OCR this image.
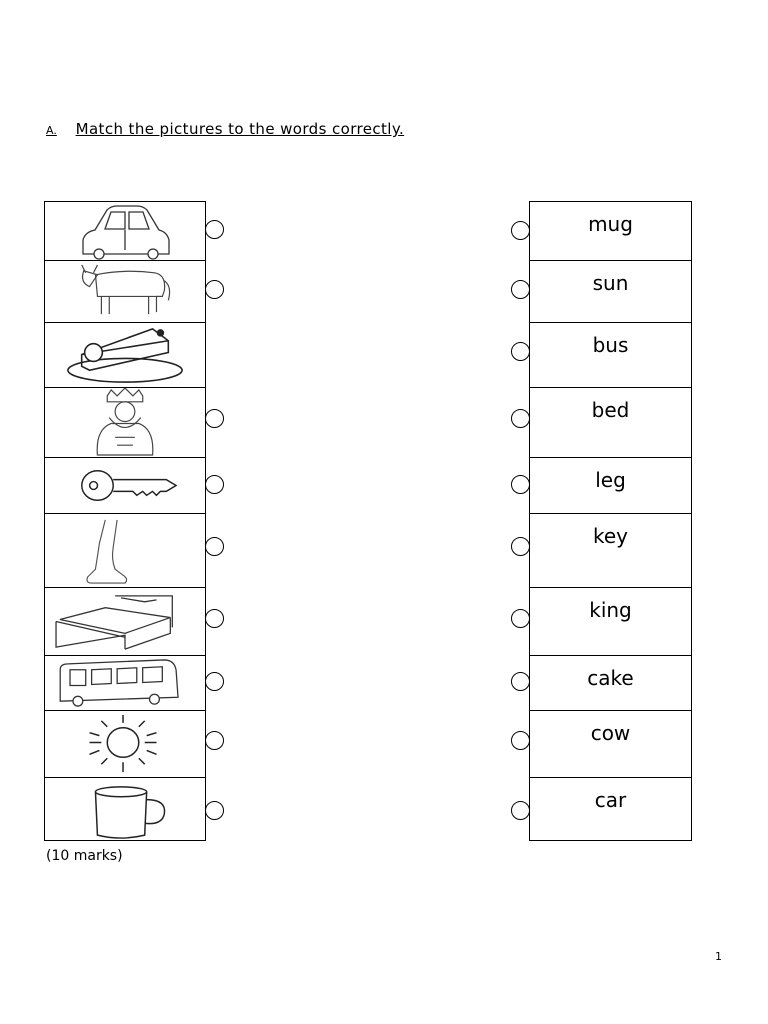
A. Match the pictures to the words correctly.
mug
sun
bus
bed
leg
key
king
cake
cow
car
(10 marks)
1
